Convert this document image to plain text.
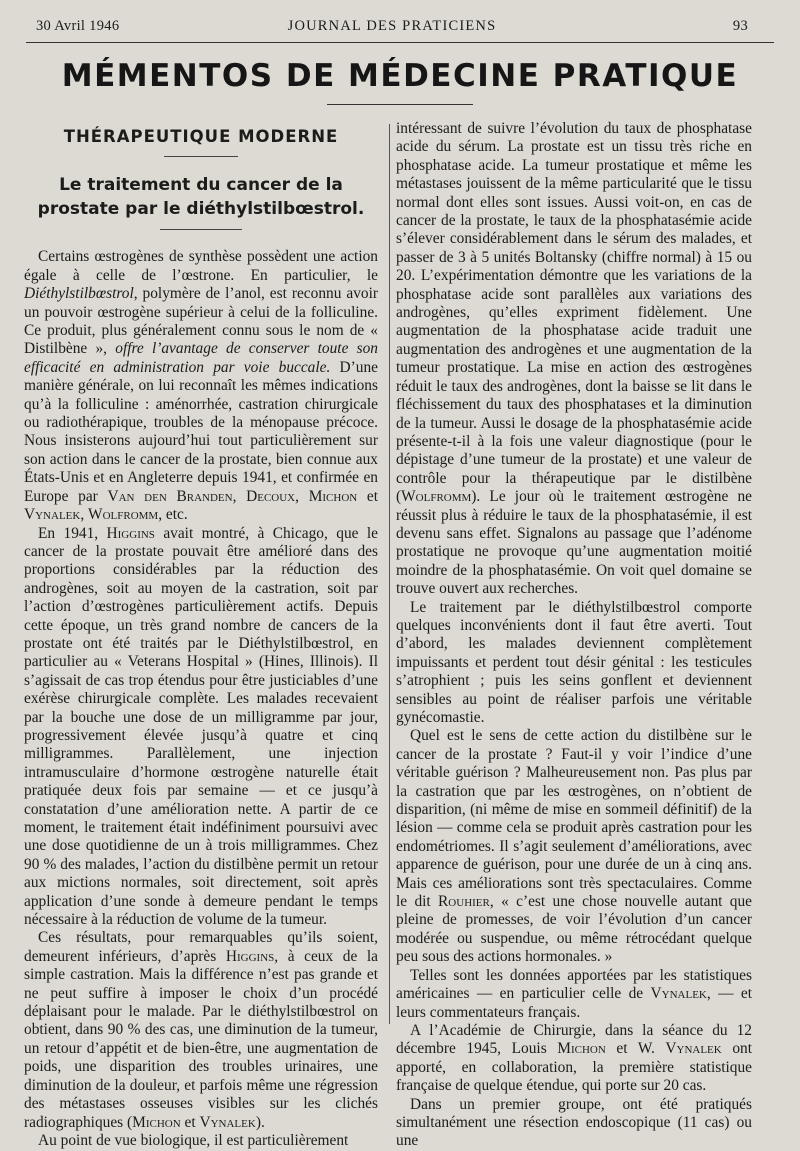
30 Avril 1946	JOURNAL DES PRATICIENS	93
MÉMENTOS DE MÉDECINE PRATIQUE
THÉRAPEUTIQUE MODERNE
Le traitement du cancer de la prostate par le diéthylstilbœstrol.

Certains œstrogènes de synthèse possèdent une action égale à celle de l’œstrone. En particulier, le Diéthylstilbœstrol, polymère de l’anol, est reconnu avoir un pouvoir œstrogène supérieur à celui de la folliculine. Ce produit, plus généralement connu sous le nom de « Distilbène », offre l’avantage de conserver toute son efficacité en administration par voie buccale. D’une manière générale, on lui reconnaît les mêmes indications qu’à la folliculine : aménorrhée, castration chirurgicale ou radiothérapique, troubles de la ménopause précoce. Nous insisterons aujourd’hui tout particulièrement sur son action dans le cancer de la prostate, bien connue aux États-Unis et en Angleterre depuis 1941, et confirmée en Europe par Van den Branden, Decoux, Michon et Vynalek, Wolfromm, etc.

En 1941, Higgins avait montré, à Chicago, que le cancer de la prostate pouvait être amélioré dans des proportions considérables par la réduction des androgènes, soit au moyen de la castration, soit par l’action d’œstrogènes particulièrement actifs. Depuis cette époque, un très grand nombre de cancers de la prostate ont été traités par le Diéthylstilbœstrol, en particulier au « Veterans Hospital » (Hines, Illinois). Il s’agissait de cas trop étendus pour être justiciables d’une exérèse chirurgicale complète. Les malades recevaient par la bouche une dose de un milligramme par jour, progressivement élevée jusqu’à quatre et cinq milligrammes. Parallèlement, une injection intramusculaire d’hormone œstrogène naturelle était pratiquée deux fois par semaine — et ce jusqu’à constatation d’une amélioration nette. A partir de ce moment, le traitement était indéfiniment poursuivi avec une dose quotidienne de un à trois milligrammes. Chez 90 % des malades, l’action du distilbène permit un retour aux mictions normales, soit directement, soit après application d’une sonde à demeure pendant le temps nécessaire à la réduction de volume de la tumeur.

Ces résultats, pour remarquables qu’ils soient, demeurent inférieurs, d’après Higgins, à ceux de la simple castration. Mais la différence n’est pas grande et ne peut suffire à imposer le choix d’un procédé déplaisant pour le malade. Par le diéthylstilbœstrol on obtient, dans 90 % des cas, une diminution de la tumeur, un retour d’appétit et de bien-être, une augmentation de poids, une disparition des troubles urinaires, une diminution de la douleur, et parfois même une régression des métastases osseuses visibles sur les clichés radiographiques (Michon et Vynalek).

Au point de vue biologique, il est particulièrement

intéressant de suivre l’évolution du taux de phosphatase acide du sérum. La prostate est un tissu très riche en phosphatase acide. La tumeur prostatique et même les métastases jouissent de la même particularité que le tissu normal dont elles sont issues. Aussi voit-on, en cas de cancer de la prostate, le taux de la phosphatasémie acide s’élever considérablement dans le sérum des malades, et passer de 3 à 5 unités Boltansky (chiffre normal) à 15 ou 20. L’expérimentation démontre que les variations de la phosphatase acide sont parallèles aux variations des androgènes, qu’elles expriment fidèlement. Une augmentation de la phosphatase acide traduit une augmentation des androgènes et une augmentation de la tumeur prostatique. La mise en action des œstrogènes réduit le taux des androgènes, dont la baisse se lit dans le fléchissement du taux des phosphatases et la diminution de la tumeur. Aussi le dosage de la phosphatasémie acide présente-t-il à la fois une valeur diagnostique (pour le dépistage d’une tumeur de la prostate) et une valeur de contrôle pour la thérapeutique par le distilbène (Wolfromm). Le jour où le traitement œstrogène ne réussit plus à réduire le taux de la phosphatasémie, il est devenu sans effet. Signalons au passage que l’adénome prostatique ne provoque qu’une augmentation moitié moindre de la phosphatasémie. On voit quel domaine se trouve ouvert aux recherches.

Le traitement par le diéthylstilbœstrol comporte quelques inconvénients dont il faut être averti. Tout d’abord, les malades deviennent complètement impuissants et perdent tout désir génital : les testicules s’atrophient ; puis les seins gonflent et deviennent sensibles au point de réaliser parfois une véritable gynécomastie.

Quel est le sens de cette action du distilbène sur le cancer de la prostate ? Faut-il y voir l’indice d’une véritable guérison ? Malheureusement non. Pas plus par la castration que par les œstrogènes, on n’obtient de disparition, (ni même de mise en sommeil définitif) de la lésion — comme cela se produit après castration pour les endométriomes. Il s’agit seulement d’améliorations, avec apparence de guérison, pour une durée de un à cinq ans. Mais ces améliorations sont très spectaculaires. Comme le dit Rouhier, « c’est une chose nouvelle autant que pleine de promesses, de voir l’évolution d’un cancer modérée ou suspendue, ou même rétrocédant quelque peu sous des actions hormonales. »

Telles sont les données apportées par les statistiques américaines — en particulier celle de Vynalek, — et leurs commentateurs français.

A l’Académie de Chirurgie, dans la séance du 12 décembre 1945, Louis Michon et W. Vynalek ont apporté, en collaboration, la première statistique française de quelque étendue, qui porte sur 20 cas.

Dans un premier groupe, ont été pratiqués simultanément une résection endoscopique (11 cas) ou une
